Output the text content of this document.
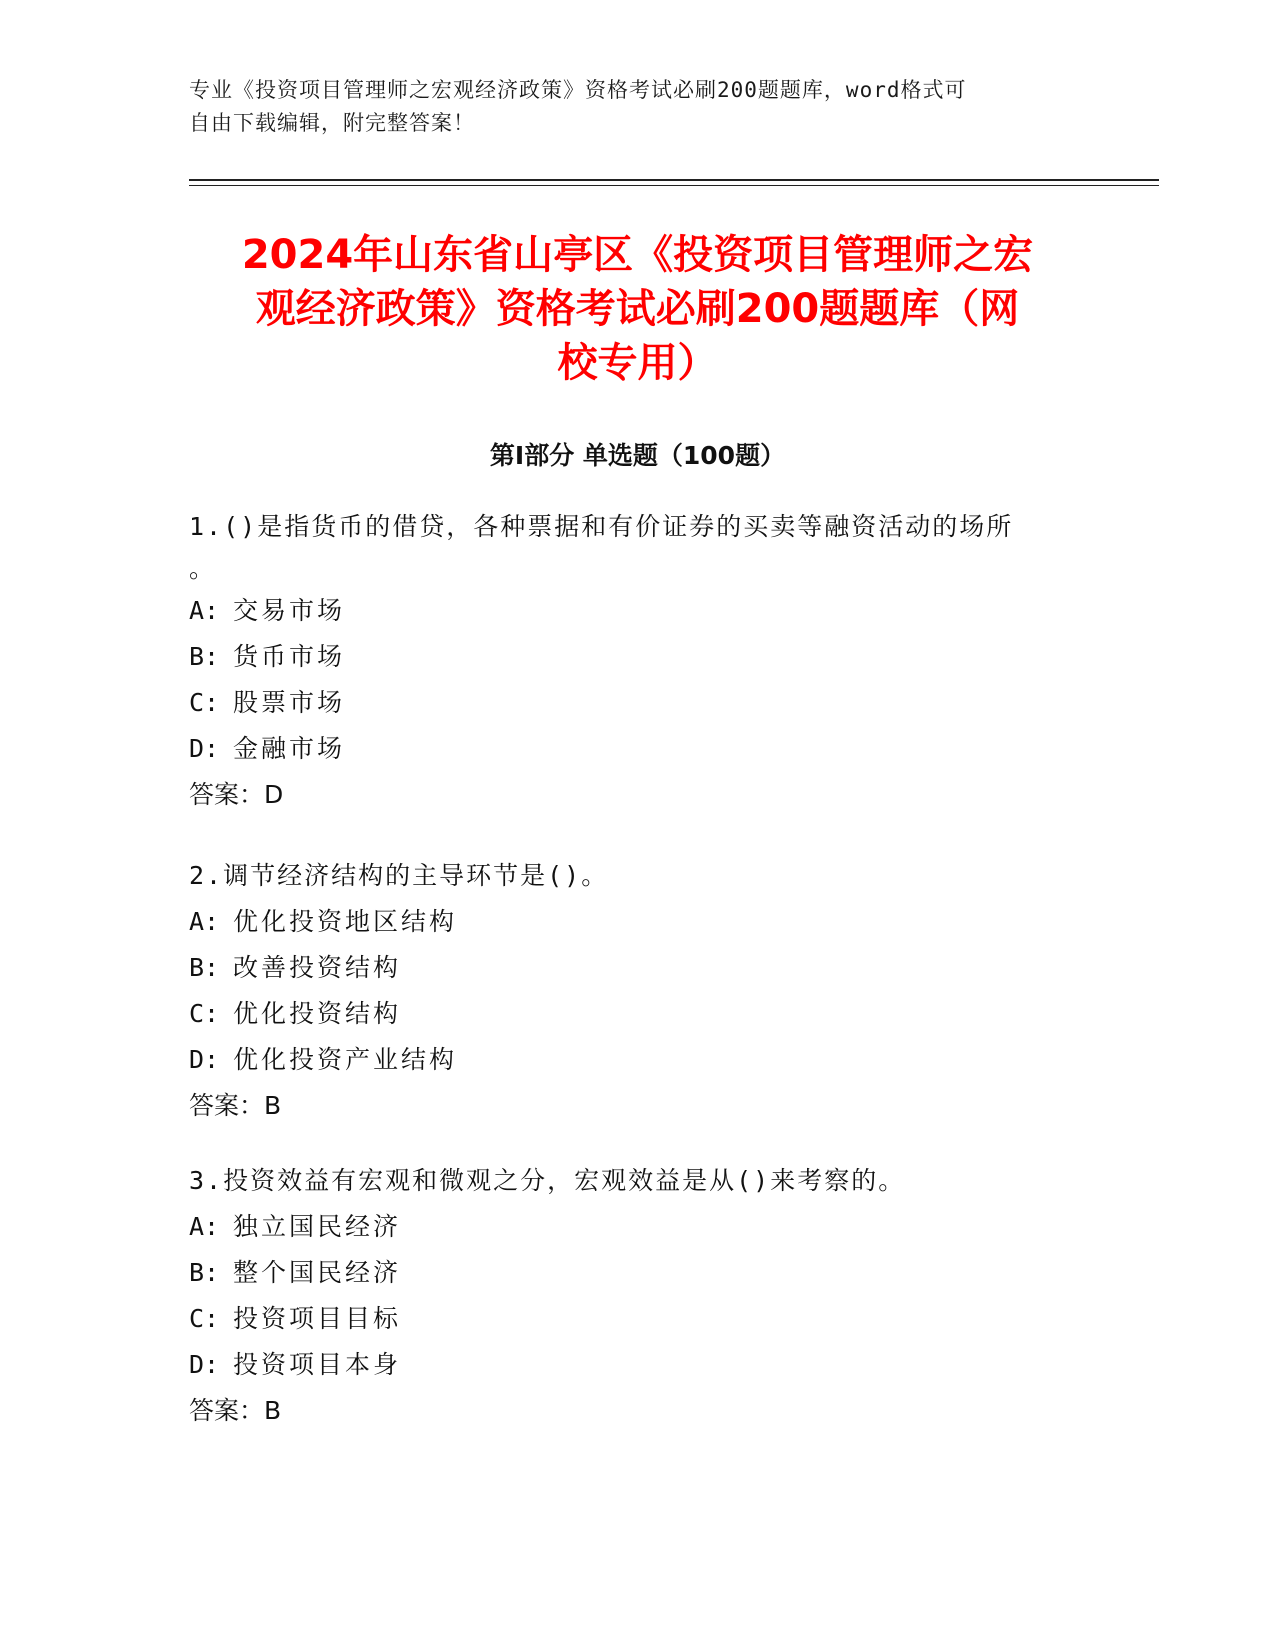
专业《投资项目管理师之宏观经济政策》资格考试必刷200题题库，word格式可
自由下载编辑，附完整答案！
2024年山东省山亭区《投资项目管理师之宏
观经济政策》资格考试必刷200题题库（网
校专用）
第Ⅰ部分 单选题（100题）
1.()是指货币的借贷，各种票据和有价证券的买卖等融资活动的场所
。
A: 交易市场
B: 货币市场
C: 股票市场
D: 金融市场
答案：D
2.调节经济结构的主导环节是()。
A: 优化投资地区结构
B: 改善投资结构
C: 优化投资结构
D: 优化投资产业结构
答案：B
3.投资效益有宏观和微观之分，宏观效益是从()来考察的。
A: 独立国民经济
B: 整个国民经济
C: 投资项目目标
D: 投资项目本身
答案：B
